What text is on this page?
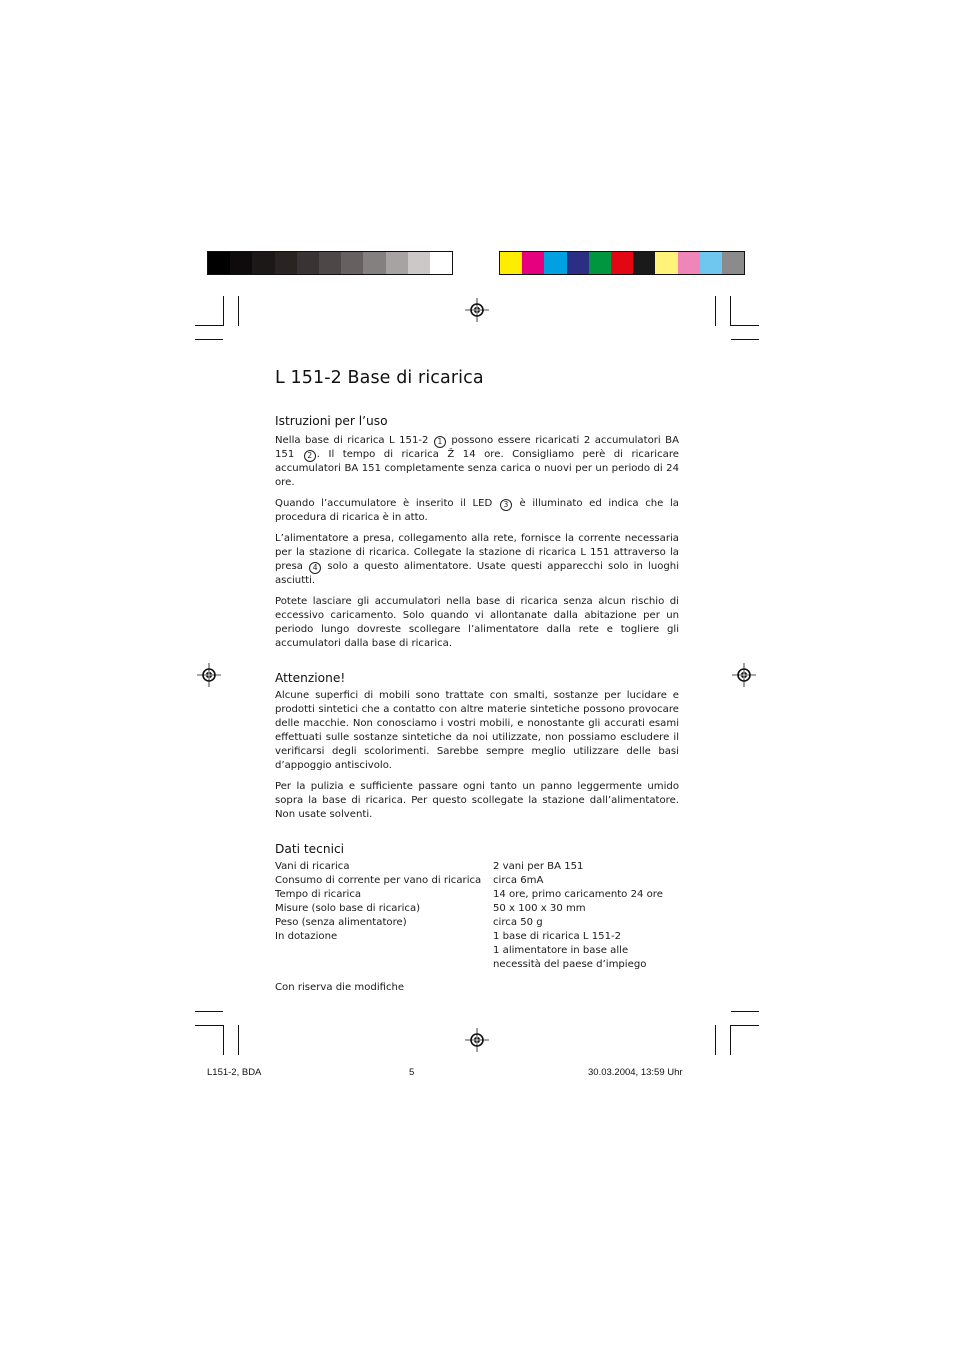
L 151-2 Base di ricarica
Istruzioni per l’uso

Nella base di ricarica L 151-2 1 possono essere ricaricati 2 accumulatori BA 151 2 . Il tempo di ricarica Ž 14 ore. Consigliamo perè di ricaricare accumulatori BA 151 completamente senza carica o nuovi per un periodo di 24 ore.

Quando l’accumulatore è inserito il LED 3 è illuminato ed indica che la procedura di ricarica è in atto.

L’alimentatore a presa, collegamento alla rete, fornisce la corrente necessaria per la stazione di ricarica. Collegate la stazione di ricarica L 151 attraverso la presa 4 solo a questo alimentatore. Usate questi apparecchi solo in luoghi asciutti.

Potete lasciare gli accumulatori nella base di ricarica senza alcun rischio di eccessivo caricamento. Solo quando vi allontanate dalla abitazione per un periodo lungo dovreste scollegare l’alimentatore dalla rete e togliere gli accumulatori dalla base di ricarica.

Attenzione!

Alcune superfici di mobili sono trattate con smalti, sostanze per lucidare e prodotti sintetici che a contatto con altre materie sintetiche possono provocare delle macchie. Non conosciamo i vostri mobili, e nonostante gli accurati esami effettuati sulle sostanze sintetiche da noi utilizzate, non possiamo escludere il verificarsi degli scolorimenti. Sarebbe sempre meglio utilizzare delle basi d’appoggio antiscivolo.

Per la pulizia e sufficiente passare ogni tanto un panno leggermente umido sopra la base di ricarica. Per questo scollegate la stazione dall’alimentatore. Non usate solventi.

Dati tecnici
Vani di ricarica	2 vani per BA 151
Consumo di corrente per vano di ricarica	circa 6mA
Tempo di ricarica	14 ore, primo caricamento 24 ore
Misure (solo base di ricarica)	50 x 100 x 30 mm
Peso (senza alimentatore)	circa 50 g
In dotazione	1 base di ricarica L 151-2
1 alimentatore in base alle
necessità del paese d’impiego

Con riserva die modifiche

L151-2, BDA	5	30.03.2004, 13:59 Uhr
